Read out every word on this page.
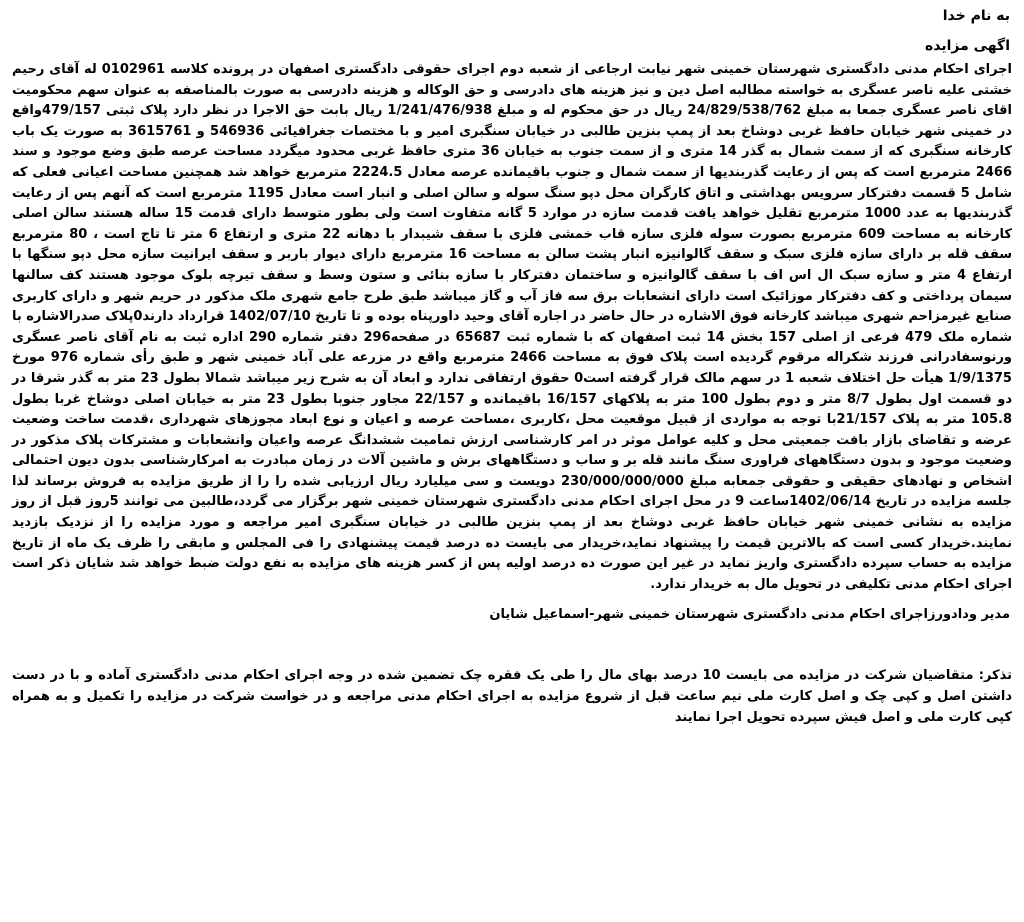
به نام خدا

اگهی مزایده

اجرای احکام مدنی دادگستری شهرستان خمینی شهر نیابت ارجاعی از شعبه دوم اجرای حقوقی دادگستری اصفهان در پرونده کلاسه 0102961 له آقای رحیم خشتی علیه ناصر عسگری به خواسته مطالبه اصل دین و نیز هزینه های دادرسی و حق الوکاله و هزینه دادرسی به صورت بالمناصفه به عنوان سهم محکومیت اقای ناصر عسگری جمعا به مبلغ 24/829/538/762 ریال در حق محکوم له و مبلغ 1/241/476/938 ریال بابت حق الاجرا در نظر دارد پلاک ثبتی 479/157واقع در خمینی شهر خیابان حافظ غربی دوشاخ بعد از پمپ بنزین طالبی در خیابان سنگبری امیر و با مختصات جغرافیائی 546936 و 3615761 به صورت یک باب کارخانه سنگبری که از سمت شمال به گذر 14 متری و از سمت جنوب به خیابان 36 متری حافظ غربی محدود میگردد مساحت عرصه طبق وضع موجود و سند 2466 مترمربع است که پس از رعایت گذربندیها از سمت شمال و جنوب باقیمانده عرصه معادل 2224.5 مترمربع خواهد شد همچنین مساحت اعیانی فعلی که شامل 5 قسمت دفترکار سرویس بهداشتی و اتاق کارگران محل دپو سنگ سوله و سالن اصلی و انبار است معادل 1195 مترمربع است که آنهم پس از رعایت گذربندیها به عدد 1000 مترمربع تقلیل خواهد یافت قدمت سازه در موارد 5 گانه متفاوت است ولی بطور متوسط دارای قدمت 15 ساله هستند سالن اصلی کارخانه به مساحت 609 مترمربع بصورت سوله فلزی سازه قاب خمشی فلزی با سقف شیبدار با دهانه 22 متری و ارتفاع 6 متر تا تاج است ، 80 مترمربع سقف قله بر دارای سازه فلزی سبک و سقف گالوانیزه انبار پشت سالن به مساحت 16 مترمربع دارای دیوار باربر و سقف ایرانیت سازه محل دپو سنگها با ارتفاع 4 متر و سازه سبک ال اس اف با سقف گالوانیزه و ساختمان دفترکار با سازه بنائی و ستون وسط و سقف تیرچه بلوک موجود هستند کف سالنها سیمان پرداختی و کف دفترکار موزائیک است دارای انشعابات برق سه فاز آب و گاز میباشد طبق طرح جامع شهری ملک مذکور در حریم شهر و دارای کاربری صنایع غیرمزاحم شهری میباشد کارخانه فوق الاشاره در حال حاضر در اجاره آقای وحید داورپناه بوده و تا تاریخ 1402/07/10 قرارداد دارند0پلاک صدرالاشاره با شماره ملک 479 فرعی از اصلی 157 بخش 14 ثبت اصفهان که با شماره ثبت 65687 در صفحه296 دفتر شماره 290 اداره ثبت به نام آقای ناصر عسگری ورنوسفادرانی فرزند شکراله مرقوم گردیده است پلاک فوق به مساحت 2466 مترمربع واقع در مزرعه علی آباد خمینی شهر و طبق رأی شماره 976 مورخ 1/9/1375 هیأت حل اختلاف شعبه 1 در سهم مالک قرار گرفته است0 حقوق ارتفاقی ندارد و ابعاد آن به شرح زیر میباشد شمالا بطول 23 متر به گذر شرقا در دو قسمت اول بطول 8/7 متر و دوم بطول 100 متر به پلاکهای 16/157 باقیمانده و 22/157 مجاور جنوبا بطول 23 متر به خیابان اصلی دوشاخ غربا بطول 105.8 متر به پلاک 21/157با توجه به مواردی از قبیل موقعیت محل ،کاربری ،مساحت عرصه و اعیان و نوع ابعاد مجوزهای شهرداری ،قدمت ساخت وضعیت عرضه و تقاضای بازار بافت جمعیتی محل و کلیه عوامل موثر در امر کارشناسی ارزش تمامیت ششدانگ عرصه واعیان وانشعابات و مشترکات پلاک مذکور در وضعیت موجود و بدون دستگاههای فراوری سنگ مانند قله بر و ساب و دستگاههای برش و ماشین آلات در زمان مبادرت به امرکارشناسی بدون دیون احتمالی اشخاص و نهادهای حقیقی و حقوقی جمعابه مبلغ 230/000/000/000 دویست و سی میلیارد ریال ارزیابی شده را را از طریق مزایده به فروش برساند لذا جلسه مزایده در تاریخ 1402/06/14ساعت 9 در محل اجرای احکام مدنی دادگستری شهرستان خمینی شهر برگزار می گردد،طالبین می توانند 5روز قبل از روز مزایده به نشانی خمینی شهر خیابان حافظ غربی دوشاخ بعد از پمپ بنزین طالبی در خیابان سنگبری امیر مراجعه و مورد مزایده را از نزدیک بازدید نمایند.خریدار کسی است که بالاترین قیمت را پیشنهاد نماید،خریدار می بایست ده درصد قیمت پیشنهادی را فی المجلس و مابقی را ظرف یک ماه از تاریخ مزایده به حساب سپرده دادگستری واریز نماید در غیر این صورت ده درصد اولیه پس از کسر هزینه های مزایده به نفع دولت ضبط خواهد شد شایان ذکر است اجرای احکام مدنی تکلیفی در تحویل مال به خریدار ندارد.

مدیر ودادورزاجرای احکام مدنی دادگستری شهرستان خمینی شهر-اسماعیل شایان

تذکر: متقاضیان شرکت در مزایده می بایست 10 درصد بهای مال را طی یک فقره چک تضمین شده در وجه اجرای احکام مدنی دادگستری آماده و با در دست داشتن اصل و کپی چک و اصل کارت ملی نیم ساعت قبل از شروع مزایده به اجرای احکام مدنی مراجعه و در خواست شرکت در مزایده را تکمیل و به همراه کپی کارت ملی و اصل فیش سپرده تحویل اجرا نمایند
